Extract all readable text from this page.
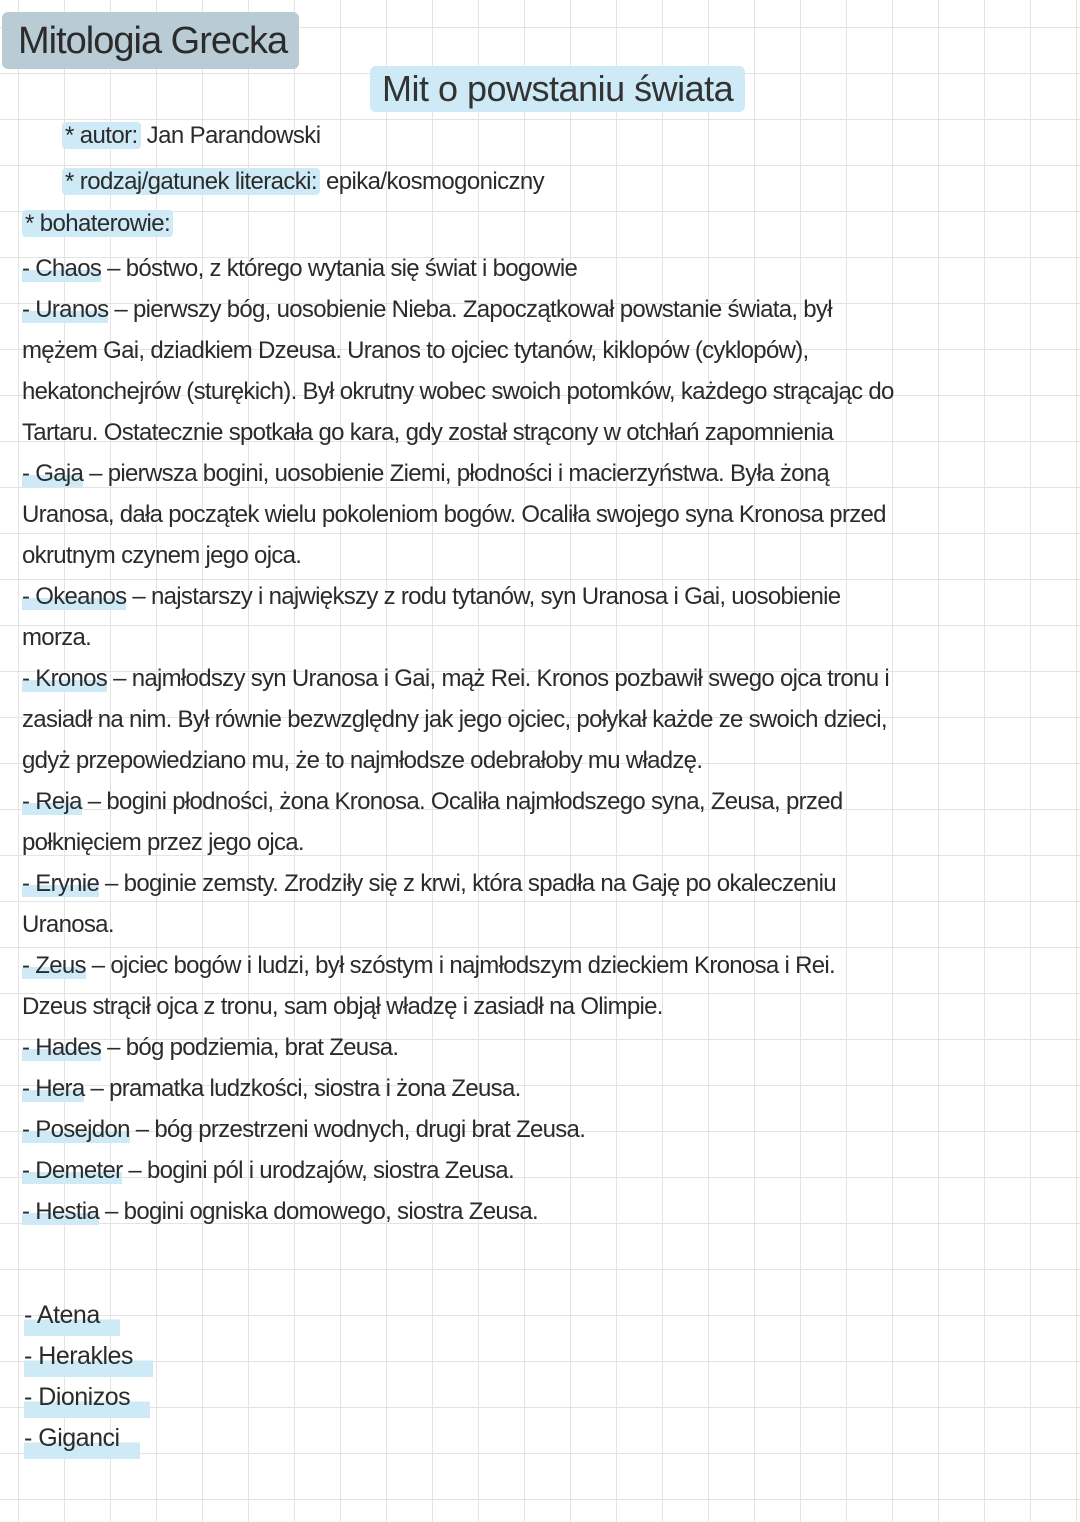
Mitologia Grecka
Mit o powstaniu świata
* autor: Jan Parandowski
* rodzaj/gatunek literacki: epika/kosmogoniczny
* bohaterowie:

- Chaos – bóstwo, z którego wytania się świat i bogowie

- Uranos – pierwszy bóg, uosobienie Nieba. Zapoczątkował powstanie świata, był mężem Gai, dziadkiem Dzeusa. Uranos to ojciec tytanów, kiklopów (cyklopów), hekatonchejrów (sturękich). Był okrutny wobec swoich potomków, każdego strącając do Tartaru. Ostatecznie spotkała go kara, gdy został strącony w otchłań zapomnienia

- Gaja – pierwsza bogini, uosobienie Ziemi, płodności i macierzyństwa. Była żoną Uranosa, dała początek wielu pokoleniom bogów. Ocaliła swojego syna Kronosa przed okrutnym czynem jego ojca.

- Okeanos – najstarszy i największy z rodu tytanów, syn Uranosa i Gai, uosobienie morza.

- Kronos – najmłodszy syn Uranosa i Gai, mąż Rei. Kronos pozbawił swego ojca tronu i zasiadł na nim. Był równie bezwzględny jak jego ojciec, połykał każde ze swoich dzieci, gdyż przepowiedziano mu, że to najmłodsze odebrałoby mu władzę.

- Reja – bogini płodności, żona Kronosa. Ocaliła najmłodszego syna, Zeusa, przed połknięciem przez jego ojca.

- Erynie – boginie zemsty. Zrodziły się z krwi, która spadła na Gaję po okaleczeniu Uranosa.

- Zeus – ojciec bogów i ludzi, był szóstym i najmłodszym dzieckiem Kronosa i Rei. Dzeus strącił ojca z tronu, sam objął władzę i zasiadł na Olimpie.

- Hades – bóg podziemia, brat Zeusa.

- Hera – pramatka ludzkości, siostra i żona Zeusa.

- Posejdon – bóg przestrzeni wodnych, drugi brat Zeusa.

- Demeter – bogini pól i urodzajów, siostra Zeusa.

- Hestia – bogini ogniska domowego, siostra Zeusa.

- Atena
- Herakles
- Dionizos
- Giganci
